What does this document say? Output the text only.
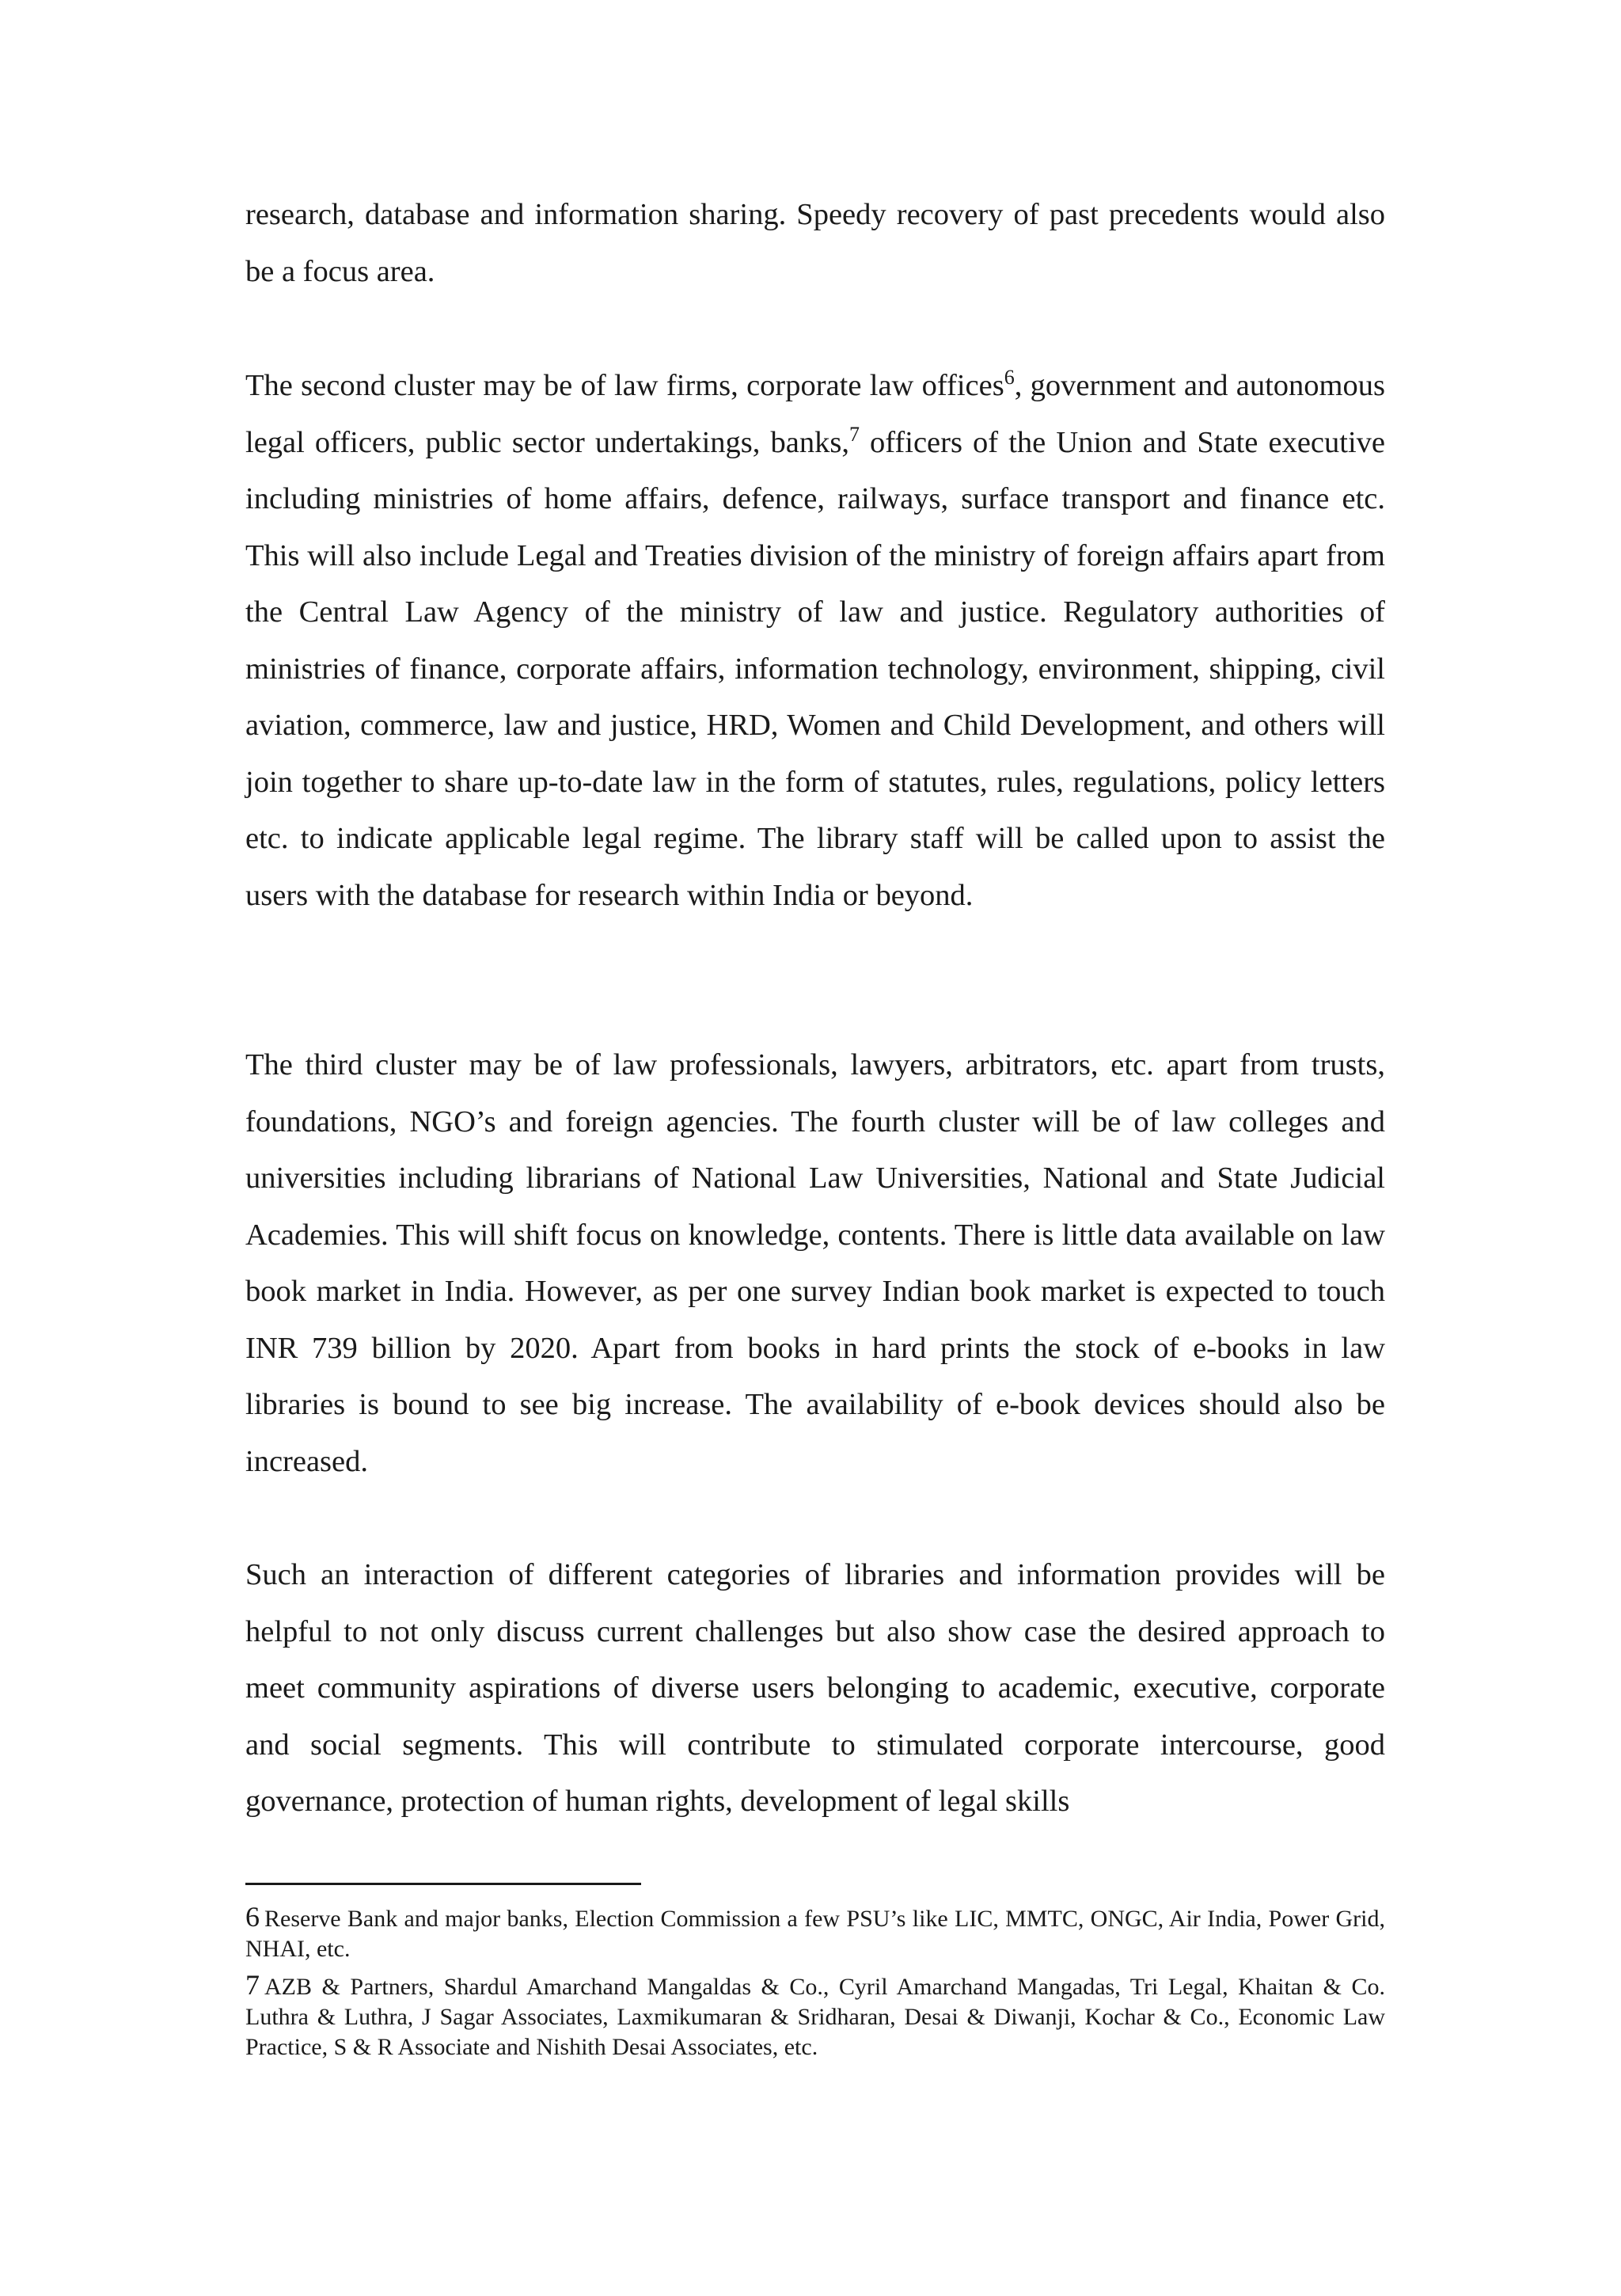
research, database and information sharing. Speedy recovery of past precedents would also be a focus area.

The second cluster may be of law firms, corporate law offices$^6$, government and autonomous legal officers, public sector undertakings, banks,$^7$ officers of the Union and State executive including ministries of home affairs, defence, railways, surface transport and finance etc. This will also include Legal and Treaties division of the ministry of foreign affairs apart from the Central Law Agency of the ministry of law and justice. Regulatory authorities of ministries of finance, corporate affairs, information technology, environment, shipping, civil aviation, commerce, law and justice, HRD, Women and Child Development, and others will join together to share up-to-date law in the form of statutes, rules, regulations, policy letters etc. to indicate applicable legal regime. The library staff will be called upon to assist the users with the database for research within India or beyond.

The third cluster may be of law professionals, lawyers, arbitrators, etc. apart from trusts, foundations, NGO’s and foreign agencies. The fourth cluster will be of law colleges and universities including librarians of National Law Universities, National and State Judicial Academies. This will shift focus on knowledge, contents. There is little data available on law book market in India. However, as per one survey Indian book market is expected to touch INR 739 billion by 2020. Apart from books in hard prints the stock of e-books in law libraries is bound to see big increase. The availability of e-book devices should also be increased.

Such an interaction of different categories of libraries and information provides will be helpful to not only discuss current challenges but also show case the desired approach to meet community aspirations of diverse users belonging to academic, executive, corporate and social segments. This will contribute to stimulated corporate intercourse, good governance, protection of human rights, development of legal skills

6 Reserve Bank and major banks, Election Commission a few PSU’s like LIC, MMTC, ONGC, Air India, Power Grid, NHAI, etc.

7 AZB & Partners, Shardul Amarchand Mangaldas & Co., Cyril Amarchand Mangadas, Tri Legal, Khaitan & Co. Luthra & Luthra, J Sagar Associates, Laxmikumaran & Sridharan, Desai & Diwanji, Kochar & Co., Economic Law Practice, S & R Associate and Nishith Desai Associates, etc.
